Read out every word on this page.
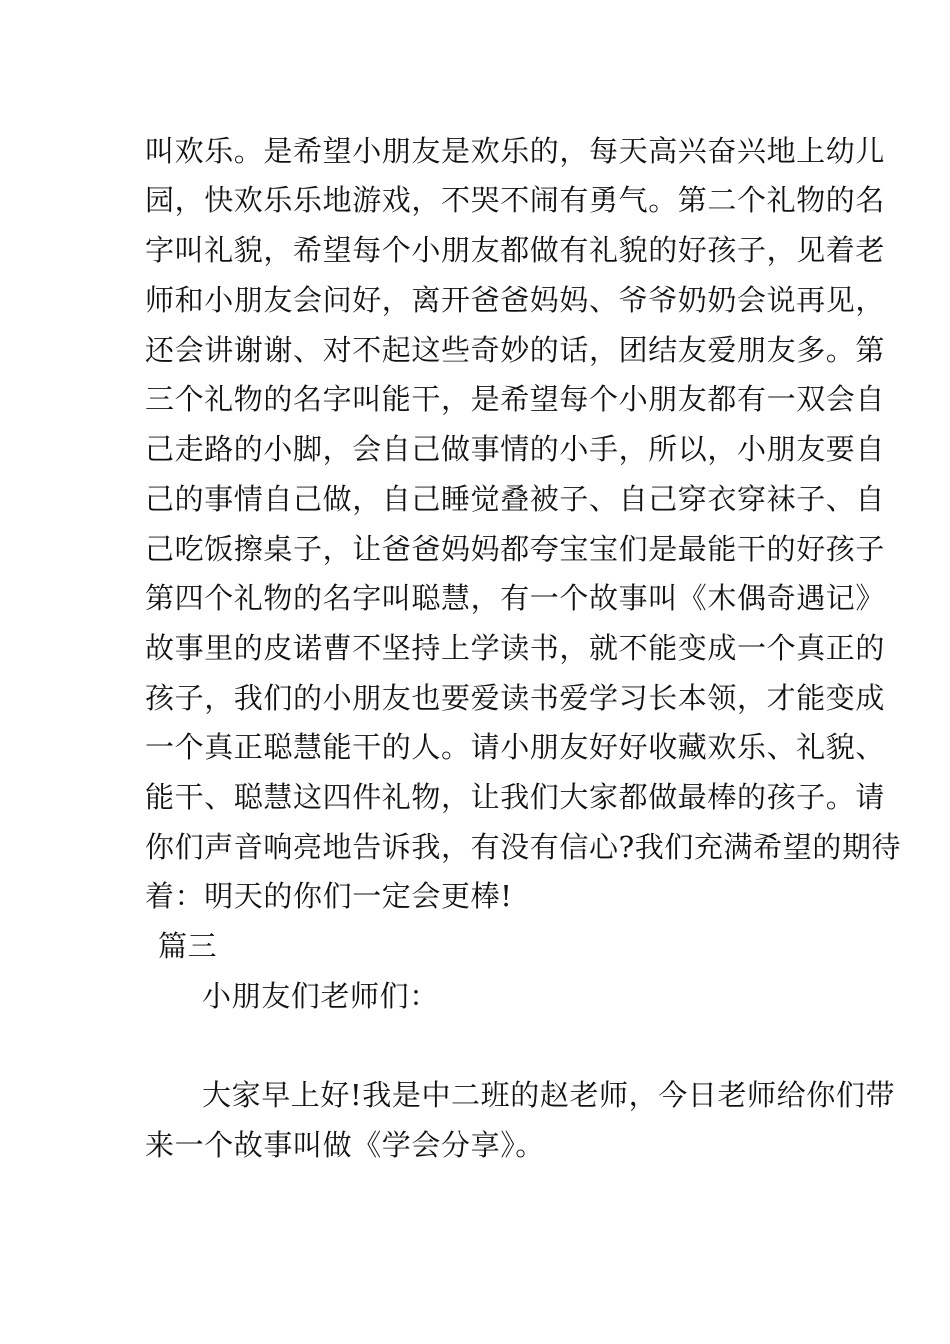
叫欢乐。是希望小朋友是欢乐的，每天高兴奋兴地上幼儿
园，快欢乐乐地游戏，不哭不闹有勇气。第二个礼物的名
字叫礼貌，希望每个小朋友都做有礼貌的好孩子，见着老
师和小朋友会问好，离开爸爸妈妈、爷爷奶奶会说再见，
还会讲谢谢、对不起这些奇妙的话，团结友爱朋友多。第
三个礼物的名字叫能干，是希望每个小朋友都有一双会自
己走路的小脚，会自己做事情的小手，所以，小朋友要自
己的事情自己做，自己睡觉叠被子、自己穿衣穿袜子、自
己吃饭擦桌子，让爸爸妈妈都夸宝宝们是最能干的好孩子
第四个礼物的名字叫聪慧，有一个故事叫《木偶奇遇记》
故事里的皮诺曹不坚持上学读书，就不能变成一个真正的
孩子，我们的小朋友也要爱读书爱学习长本领，才能变成
一个真正聪慧能干的人。请小朋友好好收藏欢乐、礼貌、
能干、聪慧这四件礼物，让我们大家都做最棒的孩子。请
你们声音响亮地告诉我，有没有信心?我们充满希望的期待
着：明天的你们一定会更棒!
篇三
小朋友们老师们：
大家早上好!我是中二班的赵老师，今日老师给你们带
来一个故事叫做《学会分享》。
